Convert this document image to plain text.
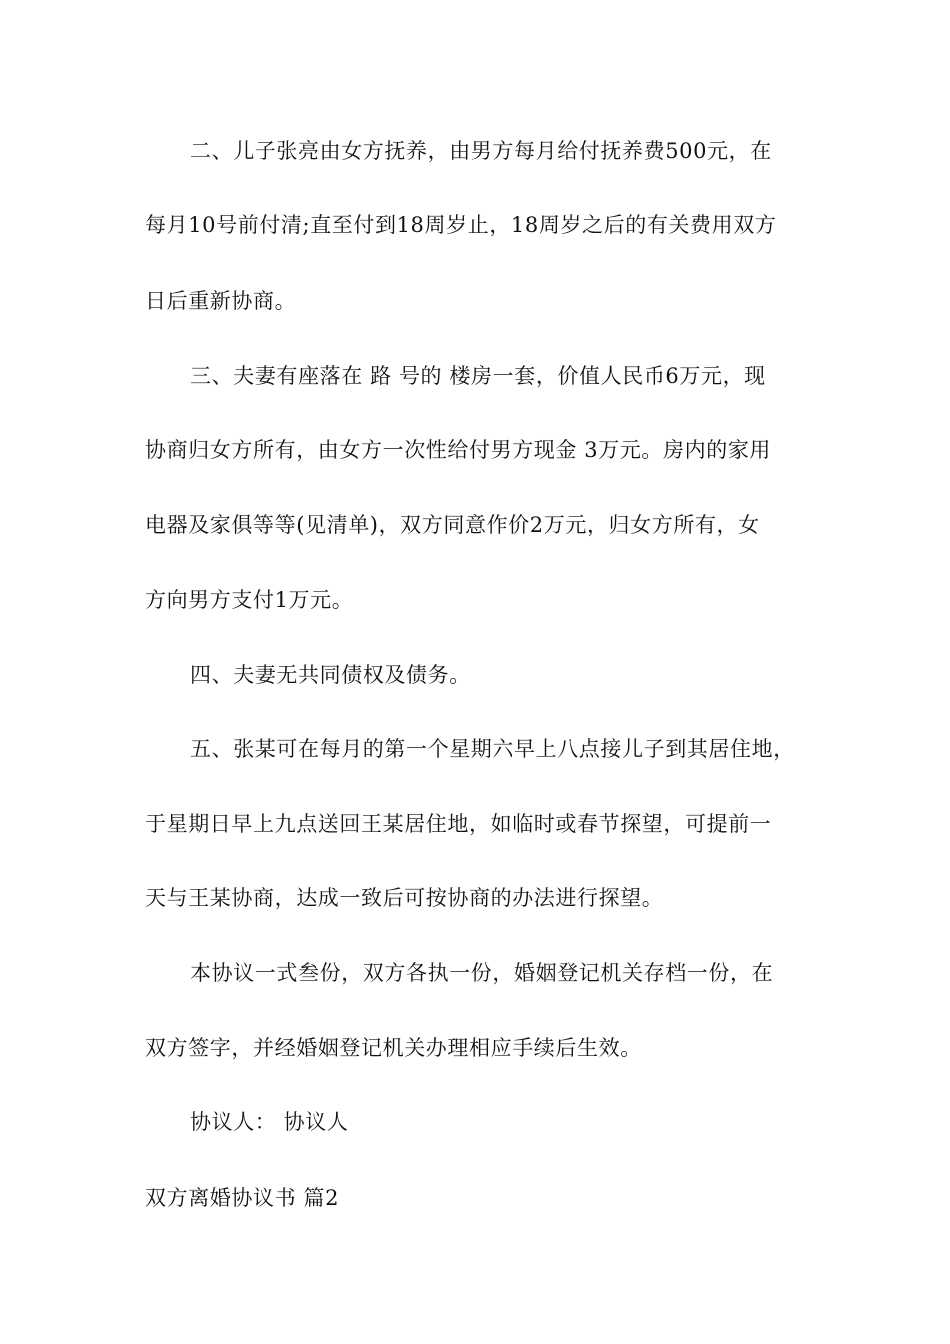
二、儿子张亮由女方抚养，由男方每月给付抚养费500元，在
每月10号前付清;直至付到18周岁止，18周岁之后的有关费用双方
日后重新协商。
三、夫妻有座落在 路 号的 楼房一套，价值人民币6万元，现
协商归女方所有，由女方一次性给付男方现金 3万元。房内的家用
电器及家俱等等(见清单)，双方同意作价2万元，归女方所有，女
方向男方支付1万元。
四、夫妻无共同债权及债务。
五、张某可在每月的第一个星期六早上八点接儿子到其居住地，
于星期日早上九点送回王某居住地，如临时或春节探望，可提前一
天与王某协商，达成一致后可按协商的办法进行探望。
本协议一式叁份，双方各执一份，婚姻登记机关存档一份，在
双方签字，并经婚姻登记机关办理相应手续后生效。
协议人： 协议人
双方离婚协议书 篇2
